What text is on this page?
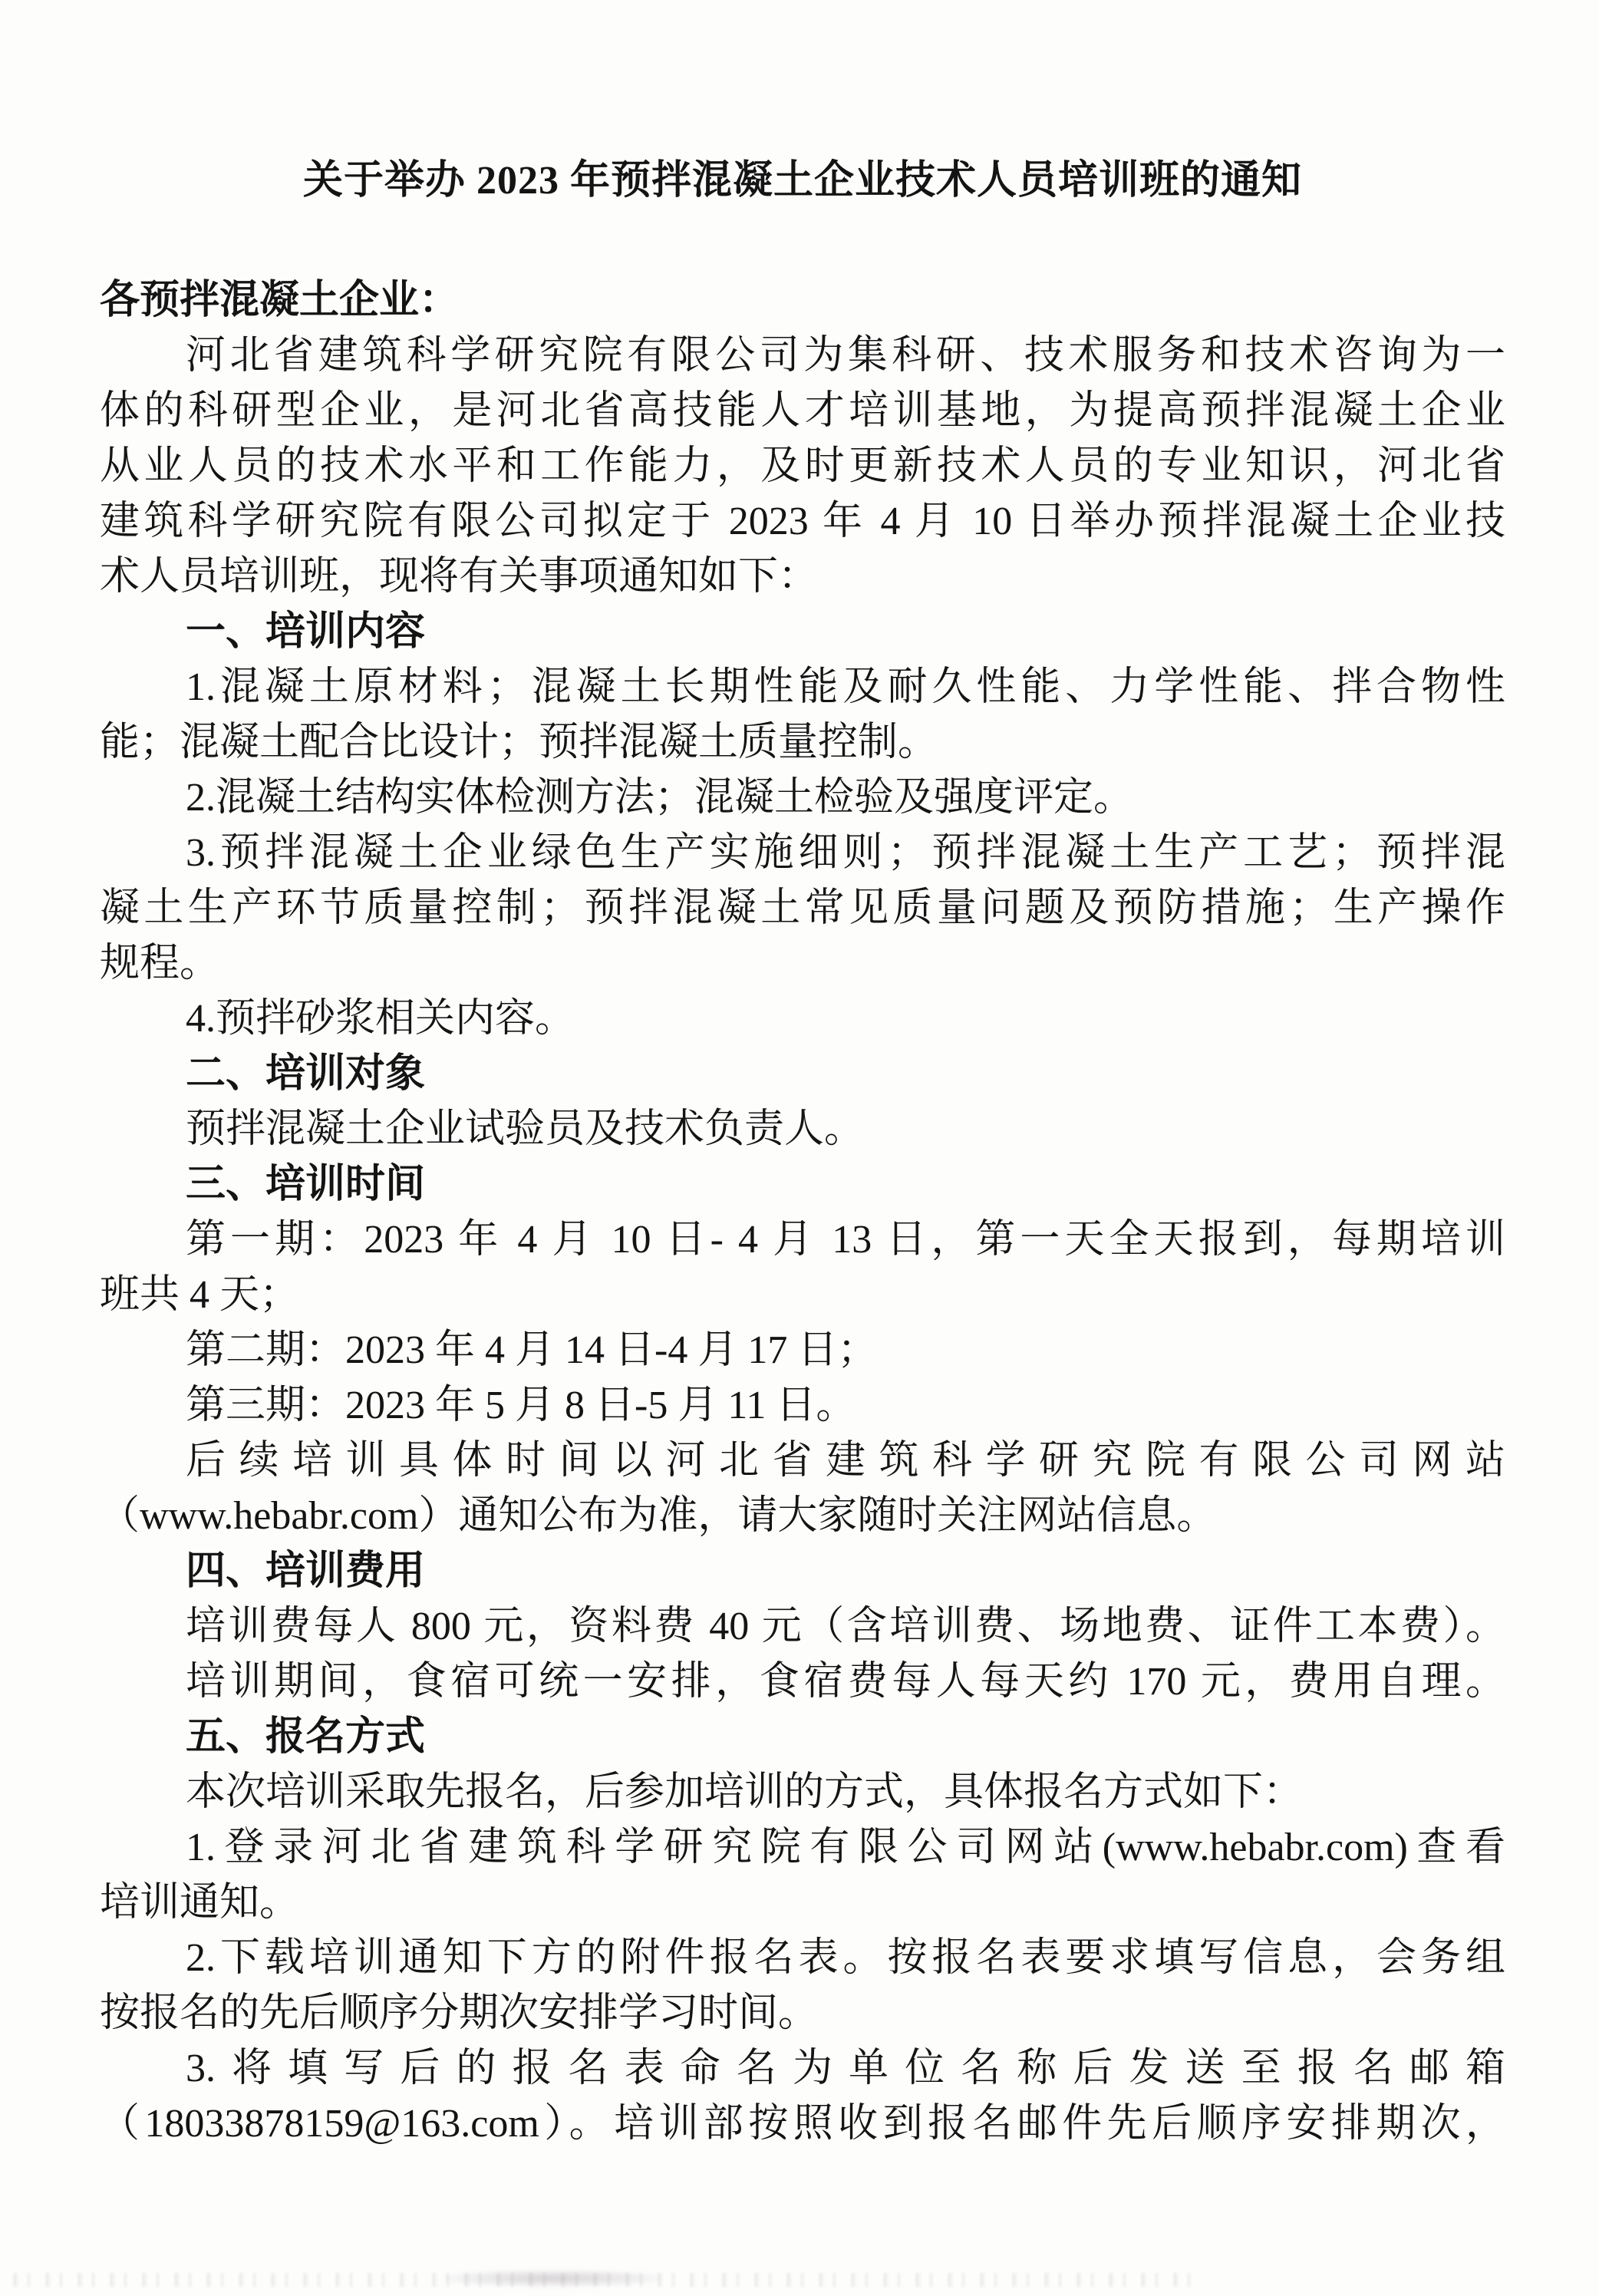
关于举办 2023 年预拌混凝土企业技术人员培训班的通知
各预拌混凝土企业：
河北省建筑科学研究院有限公司为集科研、技术服务和技术咨询为一
体的科研型企业，是河北省高技能人才培训基地，为提高预拌混凝土企业
从业人员的技术水平和工作能力，及时更新技术人员的专业知识，河北省
建筑科学研究院有限公司拟定于 2023 年 4 月 10 日举办预拌混凝土企业技
术人员培训班，现将有关事项通知如下：
一、培训内容
1.混凝土原材料；混凝土长期性能及耐久性能、力学性能、拌合物性
能；混凝土配合比设计；预拌混凝土质量控制。
2.混凝土结构实体检测方法；混凝土检验及强度评定。
3.预拌混凝土企业绿色生产实施细则；预拌混凝土生产工艺；预拌混
凝土生产环节质量控制；预拌混凝土常见质量问题及预防措施；生产操作
规程。
4.预拌砂浆相关内容。
二、培训对象
预拌混凝土企业试验员及技术负责人。
三、培训时间
第一期：2023 年 4 月 10 日- 4 月 13 日，第一天全天报到，每期培训
班共 4 天；
第二期：2023 年 4 月 14 日-4 月 17 日；
第三期：2023 年 5 月 8 日-5 月 11 日。
后续培训具体时间以河北省建筑科学研究院有限公司网站
（www.hebabr.com）通知公布为准，请大家随时关注网站信息。
四、培训费用
培训费每人 800 元，资料费 40 元（含培训费、场地费、证件工本费）。
培训期间，食宿可统一安排，食宿费每人每天约 170 元，费用自理。
五、报名方式
本次培训采取先报名，后参加培训的方式，具体报名方式如下：
1.登录河北省建筑科学研究院有限公司网站(www.hebabr.com)查看
培训通知。
2.下载培训通知下方的附件报名表。按报名表要求填写信息，会务组
按报名的先后顺序分期次安排学习时间。
3.将填写后的报名表命名为单位名称后发送至报名邮箱
（18033878159@163.com）。培训部按照收到报名邮件先后顺序安排期次，
